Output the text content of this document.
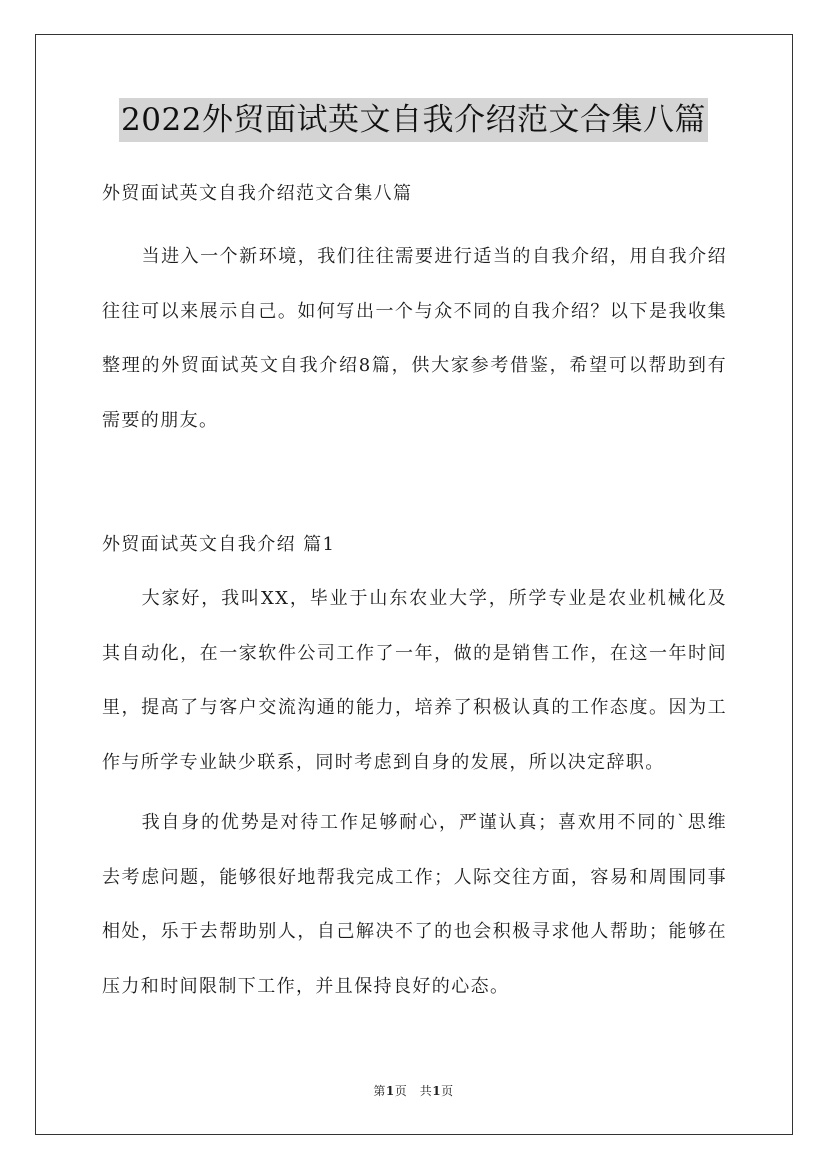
2022外贸面试英文自我介绍范文合集八篇

外贸面试英文自我介绍范文合集八篇

当进入一个新环境，我们往往需要进行适当的自我介绍，用自我介绍往往可以来展示自己。如何写出一个与众不同的自我介绍？以下是我收集整理的外贸面试英文自我介绍8篇，供大家参考借鉴，希望可以帮助到有需要的朋友。

外贸面试英文自我介绍 篇1

大家好，我叫XX，毕业于山东农业大学，所学专业是农业机械化及其自动化，在一家软件公司工作了一年，做的是销售工作，在这一年时间里，提高了与客户交流沟通的能力，培养了积极认真的工作态度。因为工作与所学专业缺少联系，同时考虑到自身的发展，所以决定辞职。

我自身的优势是对待工作足够耐心，严谨认真；喜欢用不同的`思维去考虑问题，能够很好地帮我完成工作；人际交往方面，容易和周围同事相处，乐于去帮助别人，自己解决不了的也会积极寻求他人帮助；能够在压力和时间限制下工作，并且保持良好的心态。

第1页　共1页
